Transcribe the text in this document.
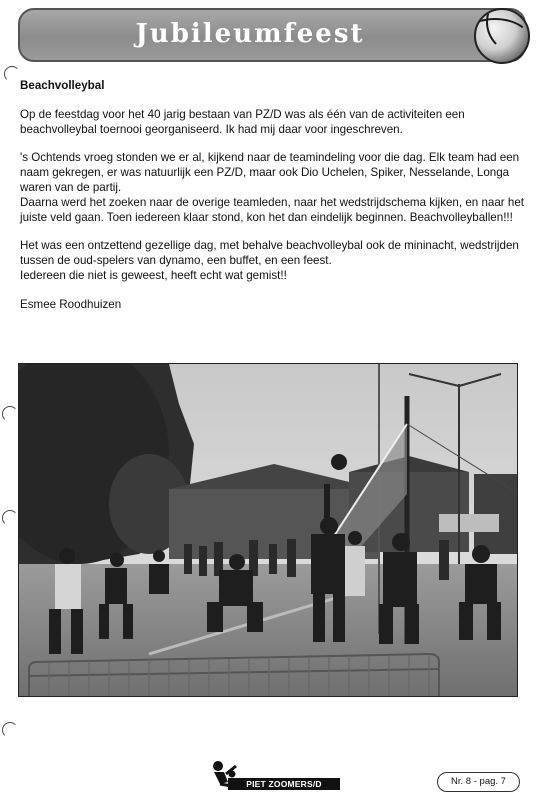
Jubileumfeest

Beachvolleybal

Op de feestdag voor het 40 jarig bestaan van PZ/D was als één van de activiteiten een beachvolleybal toernooi georganiseerd. Ik had mij daar voor ingeschreven.

's Ochtends vroeg stonden we er al, kijkend naar de teamindeling voor die dag. Elk team had een naam gekregen, er was natuurlijk een PZ/D, maar ook Dio Uchelen, Spiker, Nesselande, Longa waren van de partij.
Daarna werd het zoeken naar de overige teamleden, naar het wedstrijdschema kijken, en naar het juiste veld gaan. Toen iedereen klaar stond, kon het dan eindelijk beginnen. Beachvolleyballen!!!

Het was een ontzettend gezellige dag, met behalve beachvolleybal ook de mininacht, wedstrijden tussen de oud-spelers van dynamo, een buffet, en een feest.
Iedereen die niet is geweest, heeft echt wat gemist!!

Esmee Roodhuizen

PIET ZOOMERS/D	Nr. 8 - pag. 7
